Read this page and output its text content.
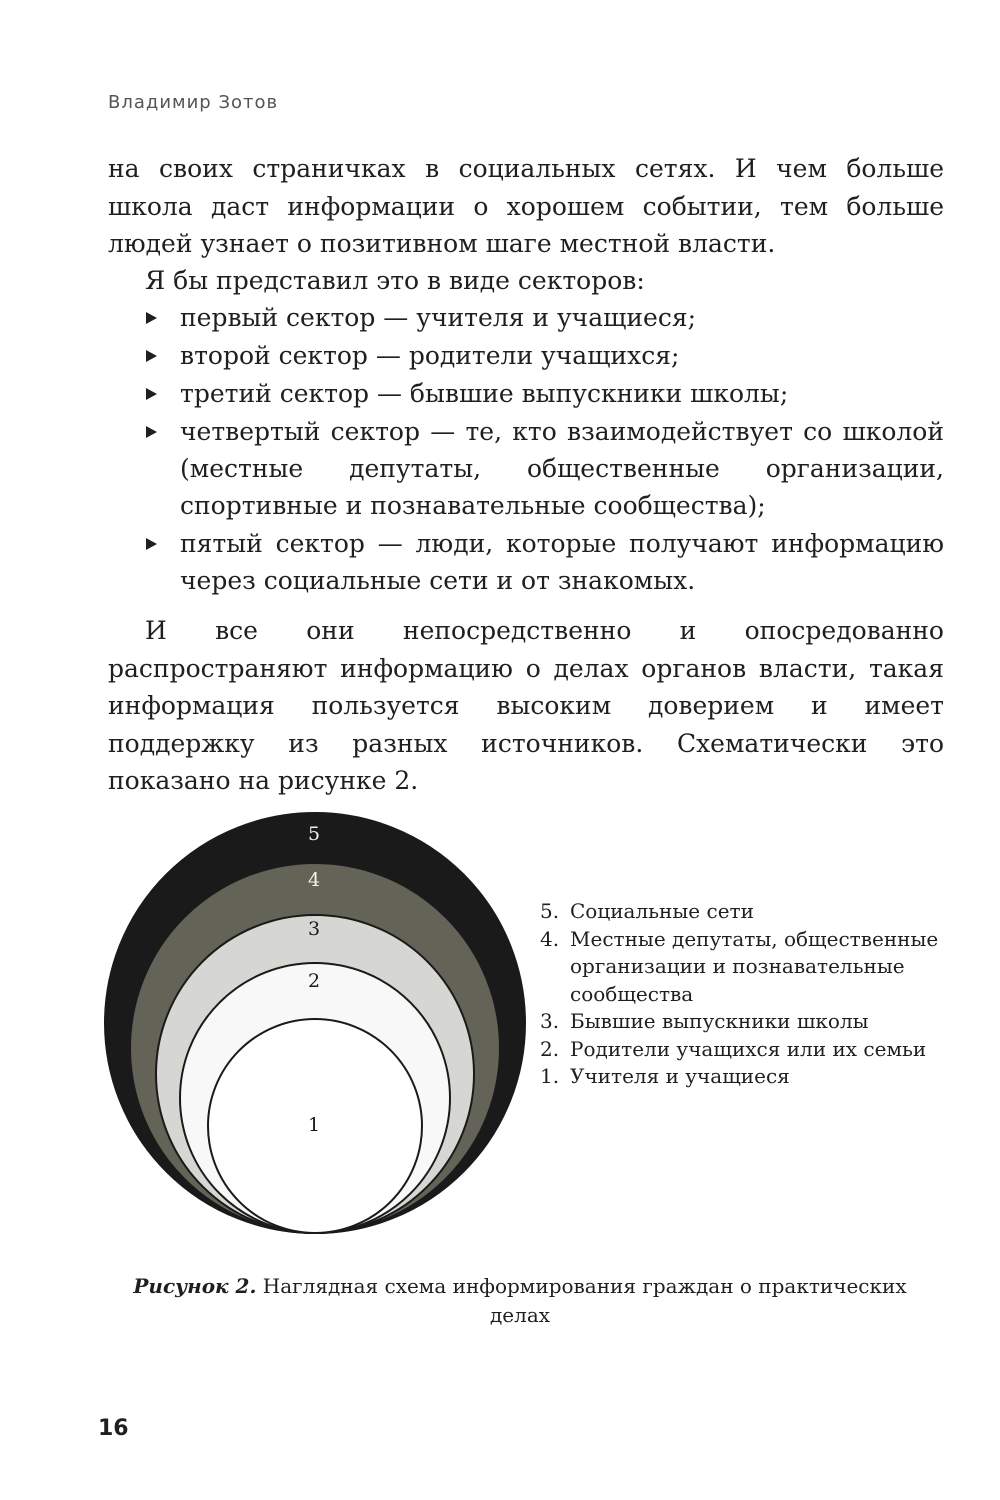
Владимир Зотов
на своих страничках в социальных сетях. И чем больше школа даст информации о хорошем событии, тем больше людей узнает о позитивном шаге местной власти.
Я бы представил это в виде секторов:
первый сектор — учителя и учащиеся;
второй сектор — родители учащихся;
третий сектор — бывшие выпускники школы;
четвертый сектор — те, кто взаимодействует со школой (местные депутаты, общественные организации, спортивные и познавательные сообщества);
пятый сектор — люди, которые получают информацию через социальные сети и от знакомых.
И все они непосредственно и опосредованно распространяют информацию о делах органов власти, такая информация пользуется высоким доверием и имеет поддержку из разных источников. Схематически это показано на рисунке 2.
5
4
3
2
1
5. Социальные сети
4. Местные депутаты, общественные организации и познавательные сообщества
3. Бывшие выпускники школы
2. Родители учащихся или их семьи
1. Учителя и учащиеся
Рисунок 2. Наглядная схема информирования граждан о практических делах
16
